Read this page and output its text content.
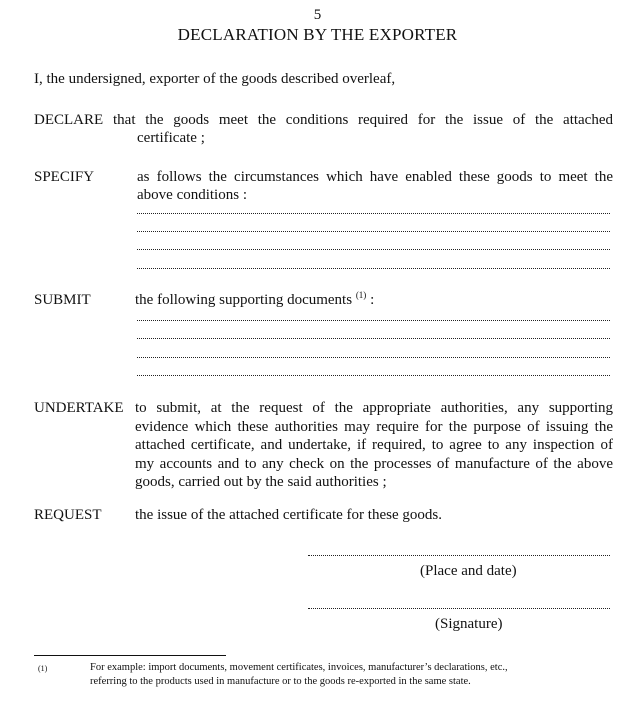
5
DECLARATION BY THE EXPORTER
I, the undersigned, exporter of the goods described overleaf,
DECLARE that the goods meet the conditions required for the issue of the attached
certificate ;
SPECIFY	as follows the circumstances which have enabled these goods to meet the
above conditions :
SUBMIT	the following supporting documents $^{(1)}$ :
UNDERTAKE to submit, at the request of the appropriate authorities, any supporting
evidence which these authorities may require for the purpose of issuing the
attached certificate, and undertake, if required, to agree to any inspection of
my accounts and to any check on the processes of manufacture of the above
goods, carried out by the said authorities ;
REQUEST the issue of the attached certificate for these goods.
(Place and date)
(Signature)
(1)	For example: import documents, movement certificates, invoices, manufacturer’s declarations, etc.,
referring to the products used in manufacture or to the goods re-exported in the same state.
